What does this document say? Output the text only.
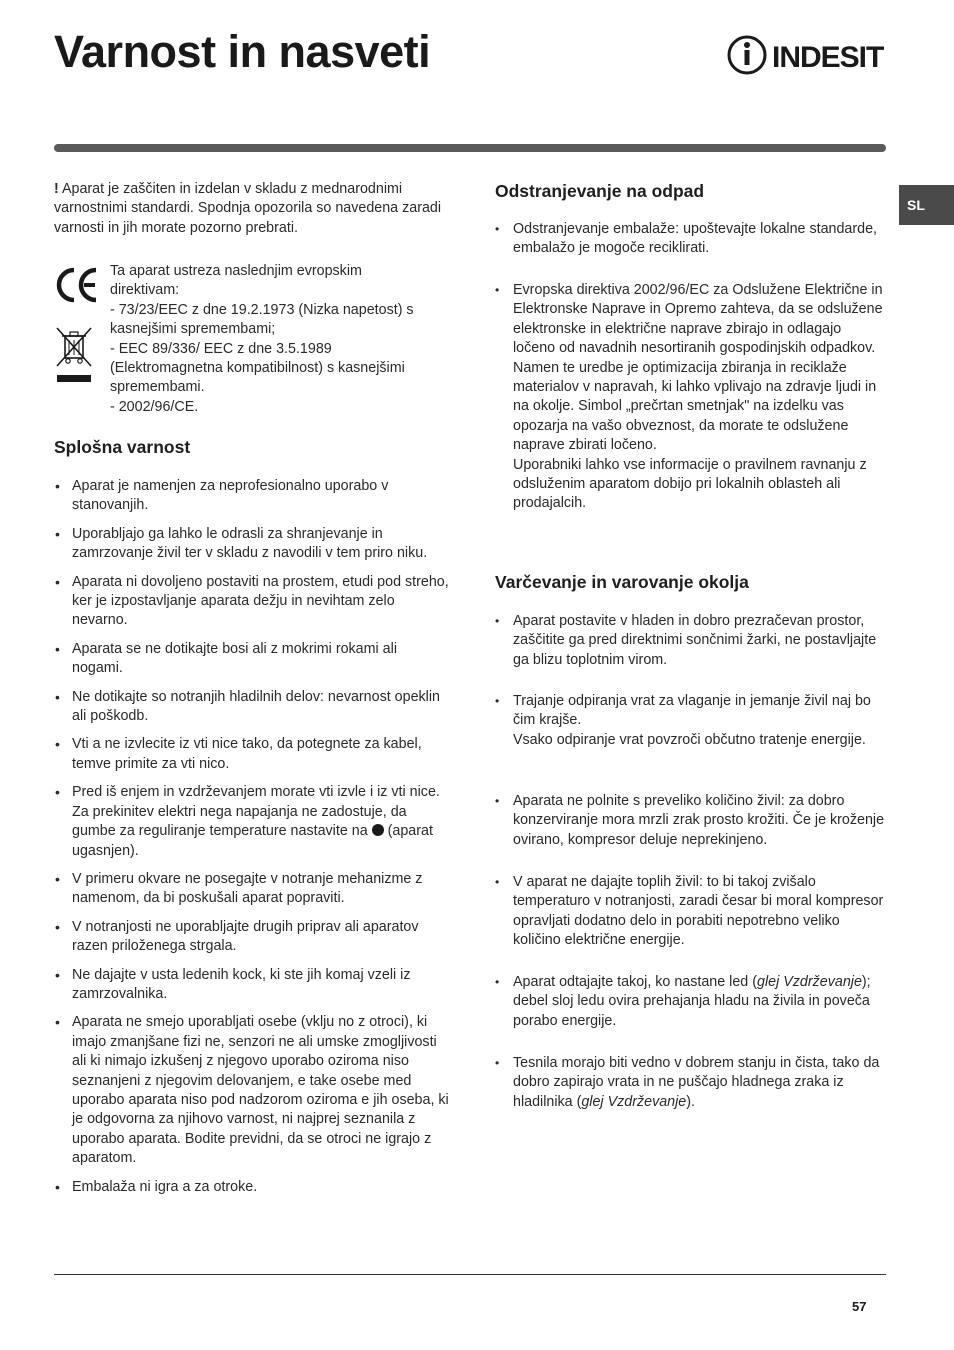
Varnost in nasveti	INDESIT
SL
! Aparat je zaščiten in izdelan v skladu z mednarodnimi varnostnimi standardi. Spodnja opozorila so navedena zaradi varnosti in jih morate pozorno prebrati.
Ta aparat ustreza naslednjim evropskim
direktivam:
- 73/23/EEC z dne 19.2.1973 (Nizka napetost) s
kasnejšimi spremembami;
- EEC 89/336/ EEC z dne 3.5.1989
(Elektromagnetna kompatibilnost) s kasnejšimi
spremembami.
- 2002/96/CE.
Splošna varnost
• Aparat je namenjen za neprofesionalno uporabo v stanovanjih.
• Uporabljajo ga lahko le odrasli za shranjevanje in zamrzovanje živil ter v skladu z navodili v tem priro niku.
• Aparata ni dovoljeno postaviti na prostem, etudi pod streho, ker je izpostavljanje aparata dežju in nevihtam zelo nevarno.
• Aparata se ne dotikajte bosi ali z mokrimi rokami ali nogami.
• Ne dotikajte so notranjih hladilnih delov: nevarnost opeklin ali poškodb.
• Vti a ne izvlecite iz vti nice tako, da potegnete za kabel, temve primite za vti nico.
• Pred iš enjem in vzdrževanjem morate vti izvle i iz vti nice. Za prekinitev elektri nega napajanja ne zadostuje, da gumbe za reguliranje temperature nastavite na (aparat ugasnjen).
• V primeru okvare ne posegajte v notranje mehanizme z namenom, da bi poskušali aparat popraviti.
• V notranjosti ne uporabljajte drugih priprav ali aparatov razen priloženega strgala.
• Ne dajajte v usta ledenih kock, ki ste jih komaj vzeli iz zamrzovalnika.
• Aparata ne smejo uporabljati osebe (vklju no z otroci), ki imajo zmanjšane fizi ne, senzori ne ali umske zmogljivosti ali ki nimajo izkušenj z njegovo uporabo oziroma niso seznanjeni z njegovim delovanjem, e take osebe med uporabo aparata niso pod nadzorom oziroma e jih oseba, ki je odgovorna za njihovo varnost, ni najprej seznanila z uporabo aparata. Bodite previdni, da se otroci ne igrajo z aparatom.
• Embalaža ni igra a za otroke.
Odstranjevanje na odpad
• Odstranjevanje embalaže: upoštevajte lokalne standarde, embalažo je mogoče reciklirati.
• Evropska direktiva 2002/96/EC za Odslužene Električne in Elektronske Naprave in Opremo zahteva, da se odslužene elektronske in električne naprave zbirajo in odlagajo ločeno od navadnih nesortiranih gospodinjskih odpadkov. Namen te uredbe je optimizacija zbiranja in reciklaže materialov v napravah, ki lahko vplivajo na zdravje ljudi in na okolje. Simbol „prečrtan smetnjak" na izdelku vas opozarja na vašo obveznost, da morate te odslužene naprave zbirati ločeno.
Uporabniki lahko vse informacije o pravilnem ravnanju z odsluženim aparatom dobijo pri lokalnih oblasteh ali prodajalcih.
Varčevanje in varovanje okolja
• Aparat postavite v hladen in dobro prezračevan prostor, zaščitite ga pred direktnimi sončnimi žarki, ne postavljajte ga blizu toplotnim virom.
• Trajanje odpiranja vrat za vlaganje in jemanje živil naj bo čim krajše.
Vsako odpiranje vrat povzroči občutno tratenje energije.
• Aparata ne polnite s preveliko količino živil: za dobro konzerviranje mora mrzli zrak prosto krožiti. Če je kroženje ovirano, kompresor deluje neprekinjeno.
• V aparat ne dajajte toplih živil: to bi takoj zvišalo temperaturo v notranjosti, zaradi česar bi moral kompresor opravljati dodatno delo in porabiti nepotrebno veliko količino električne energije.
• Aparat odtajajte takoj, ko nastane led (glej Vzdrževanje); debel sloj ledu ovira prehajanja hladu na živila in poveča porabo energije.
• Tesnila morajo biti vedno v dobrem stanju in čista, tako da dobro zapirajo vrata in ne puščajo hladnega zraka iz hladilnika (glej Vzdrževanje).
57
